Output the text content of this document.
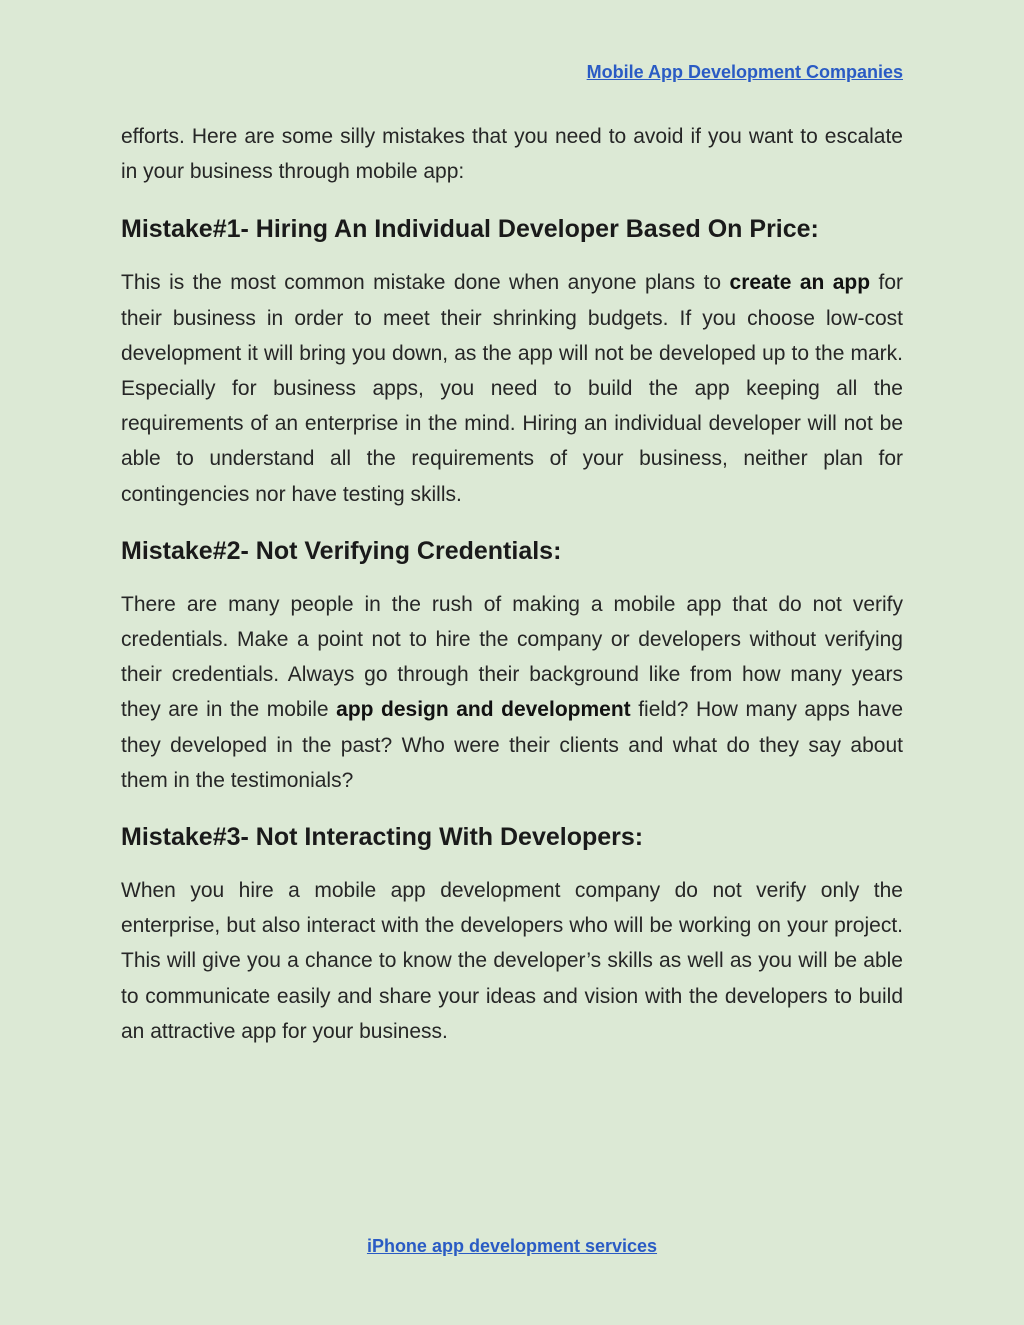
Mobile App Development Companies

efforts. Here are some silly mistakes that you need to avoid if you want to escalate in your business through mobile app:

Mistake#1- Hiring An Individual Developer Based On Price:

This is the most common mistake done when anyone plans to create an app for their business in order to meet their shrinking budgets. If you choose low-cost development it will bring you down, as the app will not be developed up to the mark. Especially for business apps, you need to build the app keeping all the requirements of an enterprise in the mind. Hiring an individual developer will not be able to understand all the requirements of your business, neither plan for contingencies nor have testing skills.

Mistake#2- Not Verifying Credentials:

There are many people in the rush of making a mobile app that do not verify credentials. Make a point not to hire the company or developers without verifying their credentials. Always go through their background like from how many years they are in the mobile app design and development field? How many apps have they developed in the past? Who were their clients and what do they say about them in the testimonials?

Mistake#3- Not Interacting With Developers:

When you hire a mobile app development company do not verify only the enterprise, but also interact with the developers who will be working on your project. This will give you a chance to know the developer’s skills as well as you will be able to communicate easily and share your ideas and vision with the developers to build an attractive app for your business.

iPhone app development services
